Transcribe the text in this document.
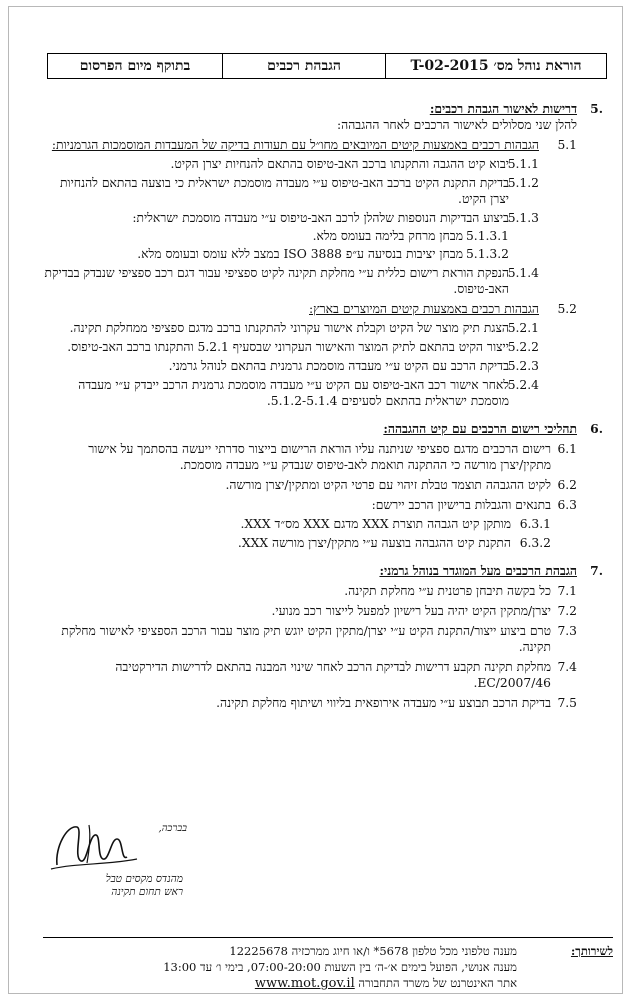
הוראת נוהל מס׳ T-02-2015
הגבהת רכבים
בתוקף מיום הפרסום
.5
דרישות לאישור הגבהת רכבים:
להלן שני מסלולים לאישור הרכבים לאחר ההגבהה:
5.1
הגבהות רכבים באמצעות קיטים המיובאים מחו״ל עם תעודות בדיקה של המעבדות המוסמכות הגרמניות:
5.1.1
יבוא קיט ההגבה והתקנתו ברכב האב-טיפוס בהתאם להנחיות יצרן הקיט.
5.1.2
בדיקת התקנת הקיט ברכב האב-טיפוס ע״י מעבדה מוסמכת ישראלית כי בוצעה בהתאם להנחיות יצרן הקיט.
5.1.3
ביצוע הבדיקות הנוספות שלהלן לרכב האב-טיפוס ע״י מעבדה מוסמכת ישראלית:
5.1.3.1
מבחן מרחק בלימה בעומס מלא.
5.1.3.2
מבחן יציבות בנסיעה ע״פ ISO 3888 במצב ללא עומס ובעומס מלא.
5.1.4
הנפקת הוראת רישום כללית ע״י מחלקת תקינה לקיט ספציפי עבור דגם רכב ספציפי שנבדק בבדיקת האב-טיפוס.
5.2
הגבהות רכבים באמצעות קיטים המיוצרים בארץ:
5.2.1
הצגת תיק מוצר של הקיט וקבלת אישור עקרוני להתקנתו ברכב מדגם ספציפי ממחלקת תקינה.
5.2.2
ייצור הקיט בהתאם לתיק המוצר והאישור העקרוני שבסעיף 5.2.1 והתקנתו ברכב האב-טיפוס.
5.2.3
בדיקת הרכב עם הקיט ע״י מעבדה מוסמכת גרמנית בהתאם לנוהל גרמני.
5.2.4
לאחר אישור רכב האב-טיפוס עם הקיט ע״י מעבדה מוסמכת גרמנית הרכב ייבדק ע״י מעבדה מוסמכת ישראלית בהתאם לסעיפים 5.1.2-5.1.4.
.6
תהליכי רישום הרכבים עם קיט ההגבהה:
6.1
רישום הרכבים מדגם ספציפי שניתנה עליו הוראת הרישום בייצור סדרתי ייעשה בהסתמך על אישור מתקין/יצרן מורשה כי ההתקנה תואמת לאב-טיפוס שנבדק ע״י מעבדה מוסמכת.
6.2
לקיט ההגבהה תוצמד טבלת זיהוי עם פרטי הקיט ומתקין/יצרן מורשה.
6.3
בתנאים והגבלות ברישיון הרכב יירשם:
6.3.1
מותקן קיט הגבהה תוצרת XXX מדגם XXX מס״ד XXX.
6.3.2
התקנת קיט ההגבהה בוצעה ע״י מתקין/יצרן מורשה XXX.
.7
הגבהת הרכבים מעל המוגדר בנוהל גרמני:
7.1
כל בקשה תיבחן פרטנית ע״י מחלקת תקינה.
7.2
יצרן/מתקין הקיט יהיה בעל רישיון למפעל לייצור רכב מנועי.
7.3
טרם ביצוע ייצור/התקנת הקיט ע״י יצרן/מתקין הקיט יוגש תיק מוצר עבור הרכב הספציפי לאישור מחלקת תקינה.
7.4
מחלקת תקינה תקבע דרישות לבדיקת הרכב לאחר שינוי המבנה בהתאם לדרישות הדירקטיבה 2007/46/EC.
7.5
בדיקת הרכב תבוצע ע״י מעבדה אירופאית בליווי ושיתוף מחלקת תקינה.
בברכה,
מהנדס מקסים טבל
ראש תחום תקינה
לשירותך:
מענה טלפוני מכל טלפון 5678* ו/או חיוג ממרכזיה 12225678
מענה אנושי, הפועל בימים א׳-ה׳ בין השעות 07:00-20:00, בימי ו׳ עד 13:00
אתר האינטרנט של משרד התחבורה www.mot.gov.il
